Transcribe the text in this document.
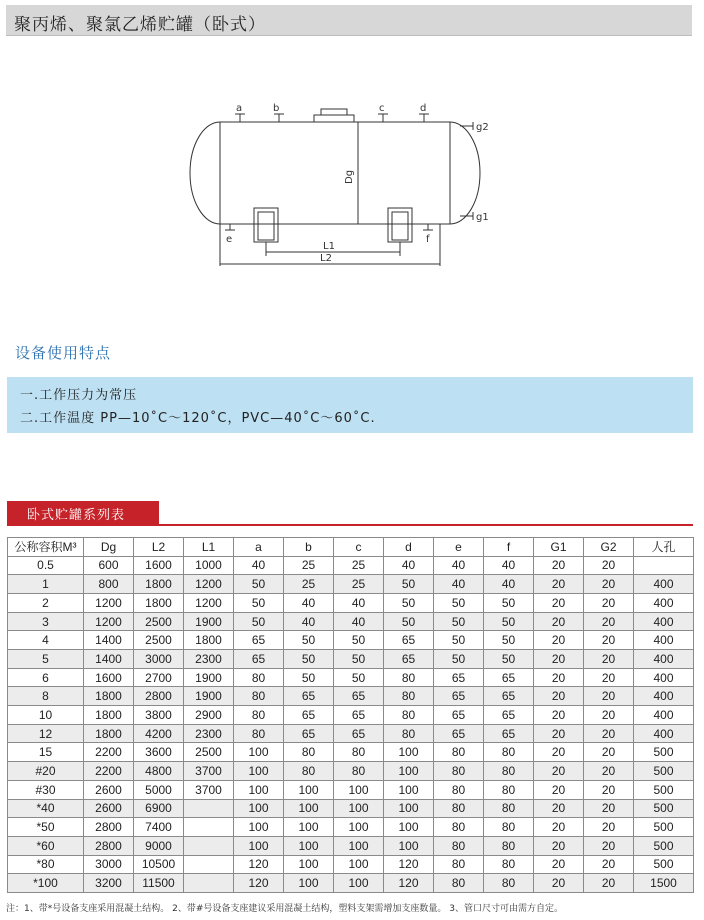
聚丙烯、聚氯乙烯贮罐（卧式）
a	b	c	d
e	f
g2
g1
Dg
L1
L2
设备使用特点
一.工作压力为常压
二.工作温度 PP—10˚C～120˚C，PVC—40˚C～60˚C.
卧式贮罐系列表
公称容积M³	Dg	L2	L1	a	b	c	d	e	f	G1	G2	人孔
0.5	600	1600	1000	40	25	25	40	40	40	20	20	
1	800	1800	1200	50	25	25	50	40	40	20	20	400
2	1200	1800	1200	50	40	40	50	50	50	20	20	400
3	1200	2500	1900	50	40	40	50	50	50	20	20	400
4	1400	2500	1800	65	50	50	65	50	50	20	20	400
5	1400	3000	2300	65	50	50	65	50	50	20	20	400
6	1600	2700	1900	80	50	50	80	65	65	20	20	400
8	1800	2800	1900	80	65	65	80	65	65	20	20	400
10	1800	3800	2900	80	65	65	80	65	65	20	20	400
12	1800	4200	2300	80	65	65	80	65	65	20	20	400
15	2200	3600	2500	100	80	80	100	80	80	20	20	500
#20	2200	4800	3700	100	80	80	100	80	80	20	20	500
#30	2600	5000	3700	100	100	100	100	80	80	20	20	500
*40	2600	6900		100	100	100	100	80	80	20	20	500
*50	2800	7400		100	100	100	100	80	80	20	20	500
*60	2800	9000		100	100	100	100	80	80	20	20	500
*80	3000	10500		120	100	100	120	80	80	20	20	500
*100	3200	11500		120	100	100	120	80	80	20	20	1500
注：1、带*号设备支座采用混凝土结构。 2、带#号设备支座建议采用混凝土结构，塑料支架需增加支座数量。 3、管口尺寸可由需方自定。
